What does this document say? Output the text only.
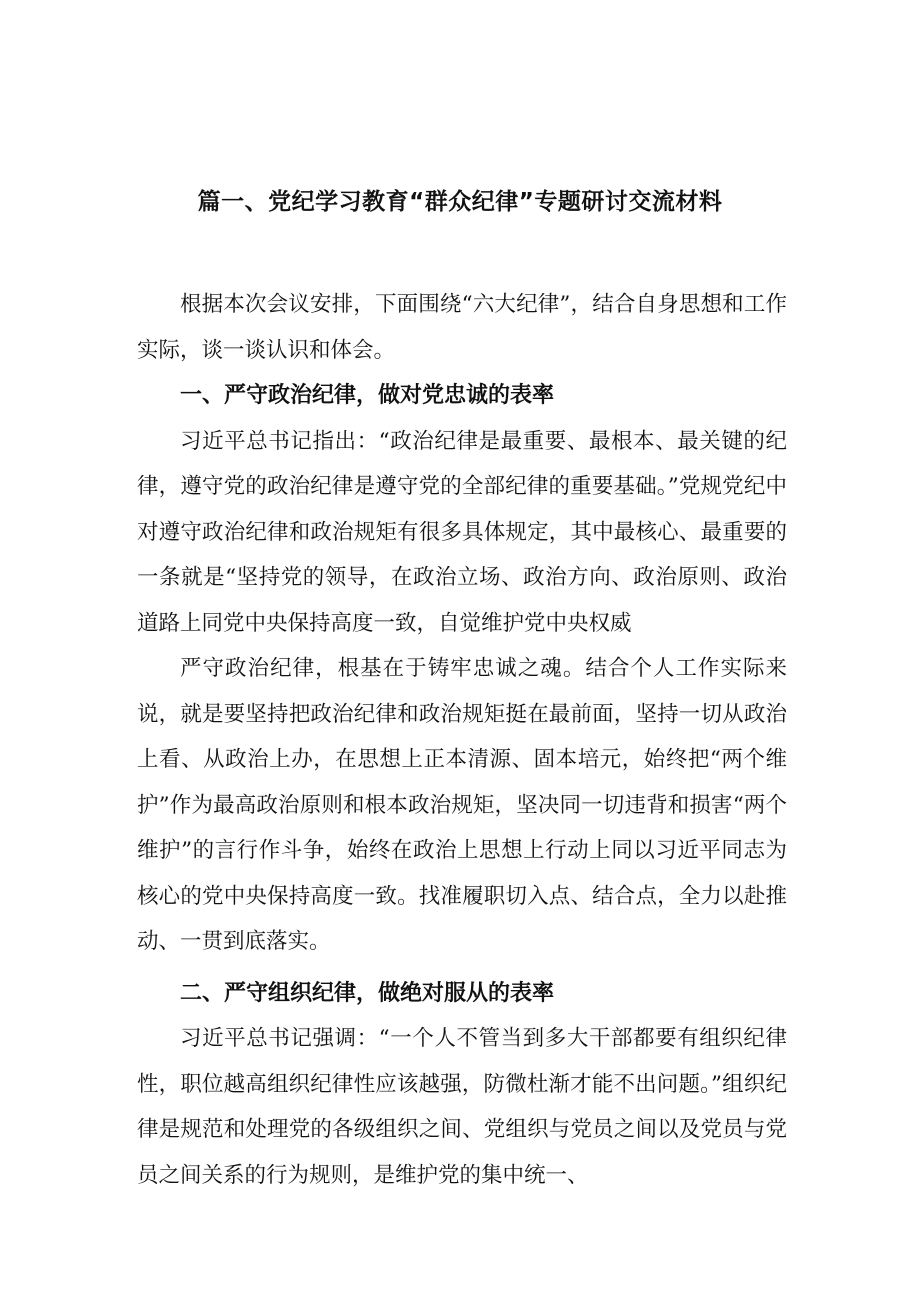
篇一、党纪学习教育“群众纪律”专题研讨交流材料

根据本次会议安排，下面围绕“六大纪律”，结合自身思想和工作实际，谈一谈认识和体会。

一、严守政治纪律，做对党忠诚的表率

习近平总书记指出：“政治纪律是最重要、最根本、最关键的纪律，遵守党的政治纪律是遵守党的全部纪律的重要基础。”党规党纪中对遵守政治纪律和政治规矩有很多具体规定，其中最核心、最重要的一条就是“坚持党的领导，在政治立场、政治方向、政治原则、政治道路上同党中央保持高度一致，自觉维护党中央权威

严守政治纪律，根基在于铸牢忠诚之魂。结合个人工作实际来说，就是要坚持把政治纪律和政治规矩挺在最前面，坚持一切从政治上看、从政治上办，在思想上正本清源、固本培元，始终把“两个维护”作为最高政治原则和根本政治规矩，坚决同一切违背和损害“两个维护”的言行作斗争，始终在政治上思想上行动上同以习近平同志为核心的党中央保持高度一致。找准履职切入点、结合点，全力以赴推动、一贯到底落实。

二、严守组织纪律，做绝对服从的表率

习近平总书记强调：“一个人不管当到多大干部都要有组织纪律性，职位越高组织纪律性应该越强，防微杜渐才能不出问题。”组织纪律是规范和处理党的各级组织之间、党组织与党员之间以及党员与党员之间关系的行为规则，是维护党的集中统一、
